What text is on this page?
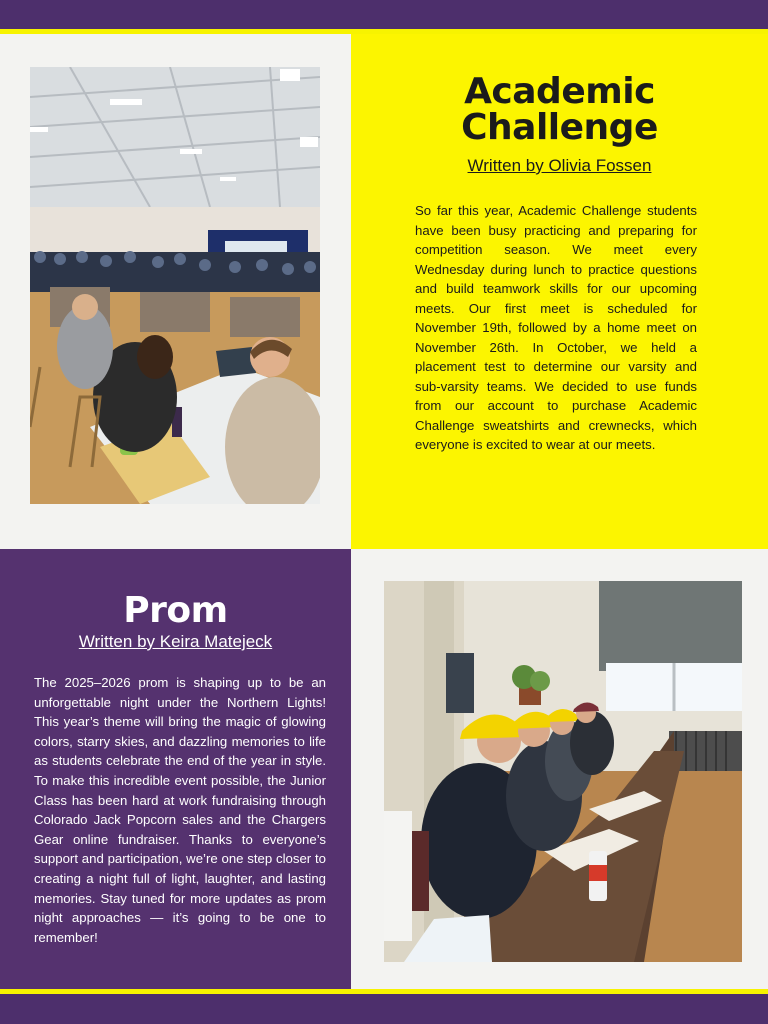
Academic
Challenge
Written by Olivia Fossen

So far this year, Academic Challenge students have been busy practicing and preparing for competition season. We meet every Wednesday during lunch to practice questions and build teamwork skills for our upcoming meets. Our first meet is scheduled for November 19th, followed by a home meet on November 26th. In October, we held a placement test to determine our varsity and sub-varsity teams. We decided to use funds from our account to purchase Academic Challenge sweatshirts and crewnecks, which everyone is excited to wear at our meets.

Prom
Written by Keira Matejeck

The 2025–2026 prom is shaping up to be an unforgettable night under the Northern Lights! This year’s theme will bring the magic of glowing colors, starry skies, and dazzling memories to life as students celebrate the end of the year in style. To make this incredible event possible, the Junior Class has been hard at work fundraising through Colorado Jack Popcorn sales and the Chargers Gear online fundraiser. Thanks to everyone’s support and participation, we’re one step closer to creating a night full of light, laughter, and lasting memories. Stay tuned for more updates as prom night approaches — it’s going to be one to remember!
